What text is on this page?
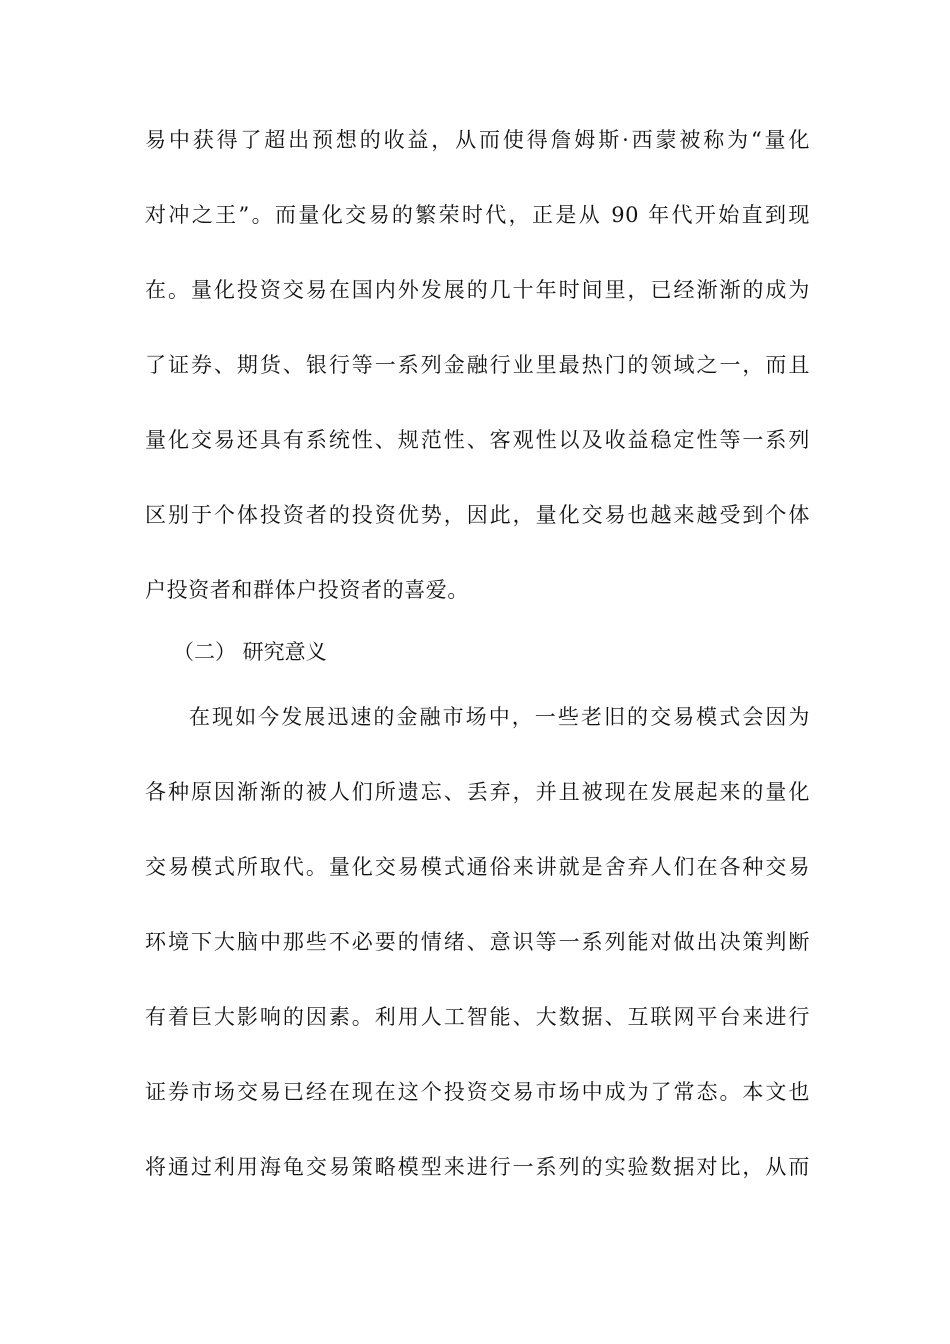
易中获得了超出预想的收益，从而使得詹姆斯·西蒙被称为“量化
对冲之王”。而量化交易的繁荣时代，正是从 90 年代开始直到现
在。量化投资交易在国内外发展的几十年时间里，已经渐渐的成为
了证券、期货、银行等一系列金融行业里最热门的领域之一，而且
量化交易还具有系统性、规范性、客观性以及收益稳定性等一系列
区别于个体投资者的投资优势，因此，量化交易也越来越受到个体
户投资者和群体户投资者的喜爱。
（二） 研究意义
在现如今发展迅速的金融市场中，一些老旧的交易模式会因为
各种原因渐渐的被人们所遗忘、丢弃，并且被现在发展起来的量化
交易模式所取代。量化交易模式通俗来讲就是舍弃人们在各种交易
环境下大脑中那些不必要的情绪、意识等一系列能对做出决策判断
有着巨大影响的因素。利用人工智能、大数据、互联网平台来进行
证券市场交易已经在现在这个投资交易市场中成为了常态。本文也
将通过利用海龟交易策略模型来进行一系列的实验数据对比，从而
